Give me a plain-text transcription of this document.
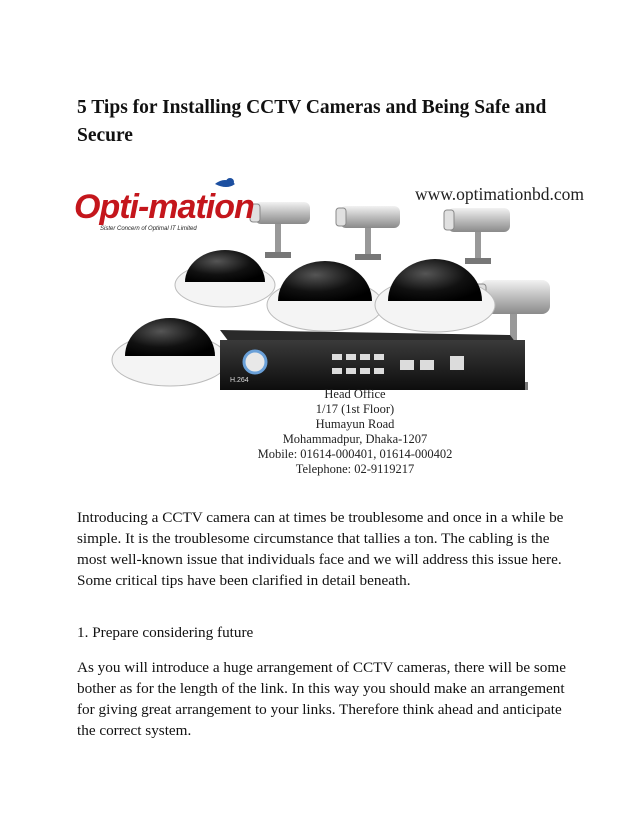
5 Tips for Installing CCTV Cameras and Being Safe and Secure
H.264
Opti-mation
Sister Concern of Optimal IT Limited
www.optimationbd.com
Head Office
1/17 (1st Floor)
Humayun Road
Mohammadpur, Dhaka-1207
Mobile: 01614-000401, 01614-000402
Telephone: 02-9119217

Introducing a CCTV camera can at times be troublesome and once in a while be simple. It is the troublesome circumstance that tallies a ton. The cabling is the most well-known issue that individuals face and we will address this issue here. Some critical tips have been clarified in detail beneath.

1. Prepare considering future

As you will introduce a huge arrangement of CCTV cameras, there will be some bother as for the length of the link. In this way you should make an arrangement for giving great arrangement to your links. Therefore think ahead and anticipate the correct system.
